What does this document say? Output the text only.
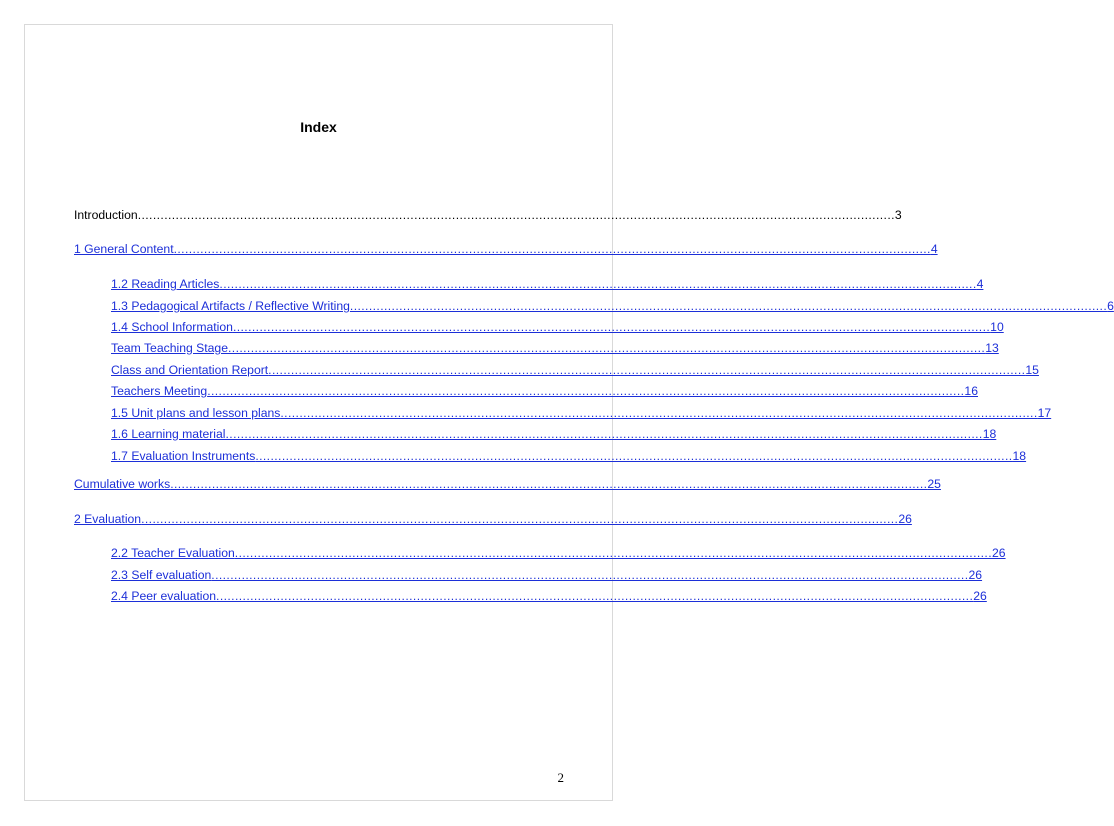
Index
Introduction ........................................................................................................................................................................................................ 3
1 General Content ........................................................................................................................................................................................................ 4
1.2 Reading Articles ........................................................................................................................................................................................................ 4
1.3 Pedagogical Artifacts / Reflective Writing ........................................................................................................................................................................................................ 6
1.4 School Information ........................................................................................................................................................................................................ 10
Team Teaching Stage ........................................................................................................................................................................................................ 13
Class and Orientation Report ........................................................................................................................................................................................................ 15
Teachers Meeting ........................................................................................................................................................................................................ 16
1.5 Unit plans and lesson plans ........................................................................................................................................................................................................ 17
1.6 Learning material ........................................................................................................................................................................................................ 18
1.7 Evaluation Instruments ........................................................................................................................................................................................................ 18
Cumulative works ........................................................................................................................................................................................................ 25
2 Evaluation ........................................................................................................................................................................................................ 26
2.2 Teacher Evaluation ........................................................................................................................................................................................................ 26
2.3 Self evaluation ........................................................................................................................................................................................................ 26
2.4 Peer evaluation ........................................................................................................................................................................................................ 26
2
